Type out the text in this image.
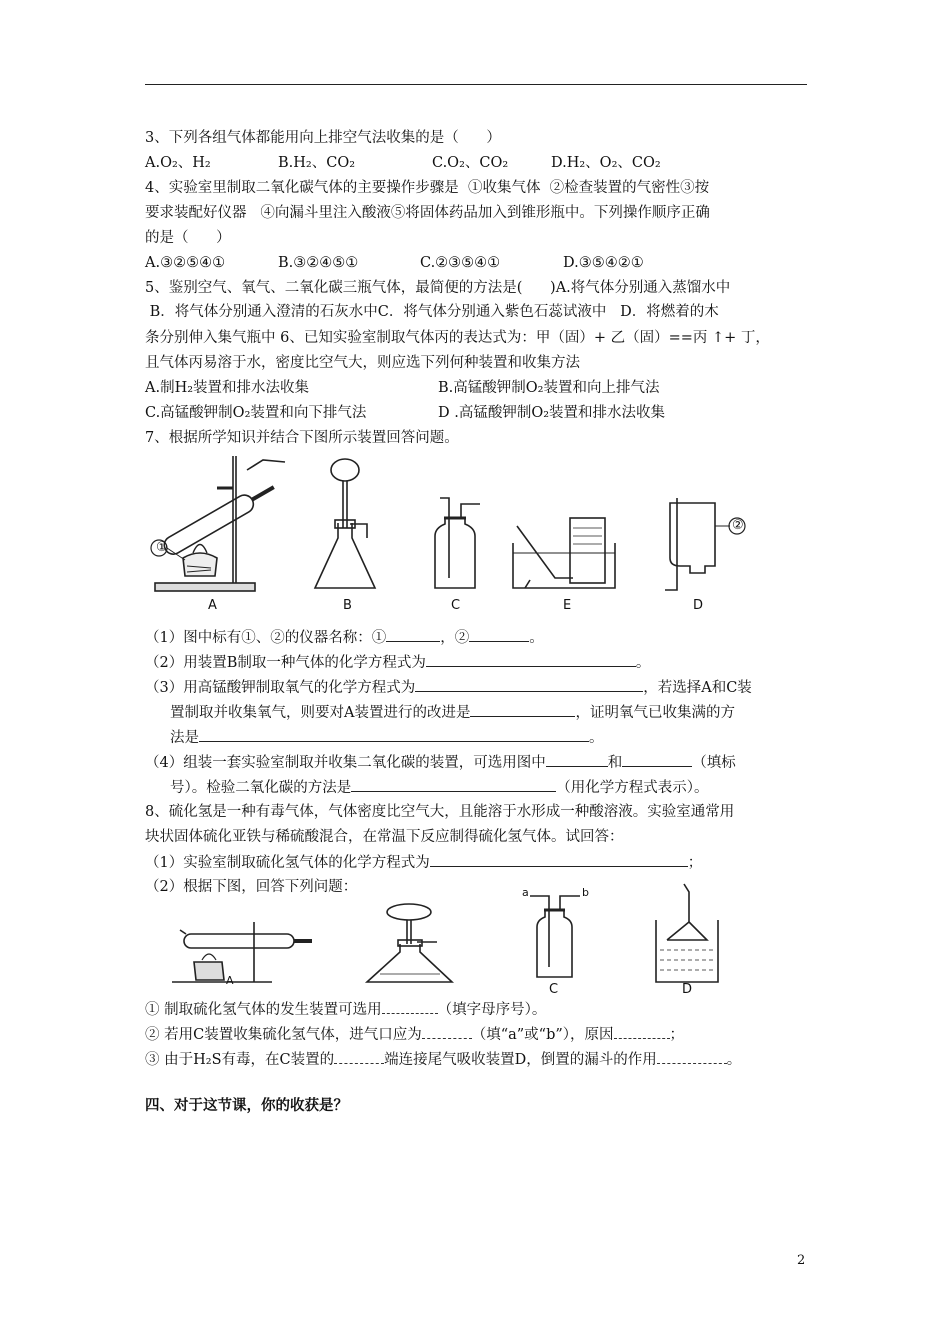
3、下列各组气体都能用向上排空气法收集的是（      ）
A.O₂、H₂	B.H₂、CO₂	C.O₂、CO₂	D.H₂、O₂、CO₂
4、实验室里制取二氧化碳气体的主要操作步骤是  ①收集气体  ②检查装置的气密性③按
要求装配好仪器   ④向漏斗里注入酸液⑤将固体药品加入到锥形瓶中。下列操作顺序正确
的是（      ）
A.③②⑤④①	B.③②④⑤①	C.②③⑤④①	D.③⑤④②①
5、鉴别空气、氧气、二氧化碳三瓶气体，最简便的方法是(      )A.将气体分别通入蒸馏水中
B．将气体分别通入澄清的石灰水中C．将气体分别通入紫色石蕊试液中   D．将燃着的木
条分别伸入集气瓶中 6、已知实验室制取气体丙的表达式为：甲（固）+ 乙（固）==丙 ↑+ 丁，
且气体丙易溶于水，密度比空气大，则应选下列何种装置和收集方法
A.制H₂装置和排水法收集	B.高锰酸钾制O₂装置和向上排气法
C.高锰酸钾制O₂装置和向下排气法	D .高锰酸钾制O₂装置和排水法收集
7、根据所学知识并结合下图所示装置回答问题。
①
②
A	B	C	E	D
（1）图中标有①、②的仪器名称：①	，②	。
（2）用装置B制取一种气体的化学方程式为	。
（3）用高锰酸钾制取氧气的化学方程式为	，若选择A和C装
置制取并收集氧气，则要对A装置进行的改进是	，证明氧气已收集满的方
法是	。
（4）组装一套实验室制取并收集二氧化碳的装置，可选用图中	和	（填标
号）。检验二氧化碳的方法是	（用化学方程式表示）。
8、硫化氢是一种有毒气体，气体密度比空气大，且能溶于水形成一种酸溶液。实验室通常用
块状固体硫化亚铁与稀硫酸混合，在常温下反应制得硫化氢气体。试回答：
（1）实验室制取硫化氢气体的化学方程式为	；
（2）根据下图，回答下列问题：
A
C	D
a	b
① 制取硫化氢气体的发生装置可选用	（填字母序号）。
② 若用C装置收集硫化氢气体，进气口应为	（填“a”或“b”），原因	；
③ 由于H₂S有毒，在C装置的	端连接尾气吸收装置D，倒置的漏斗的作用	。
四、对于这节课，你的收获是？
2
